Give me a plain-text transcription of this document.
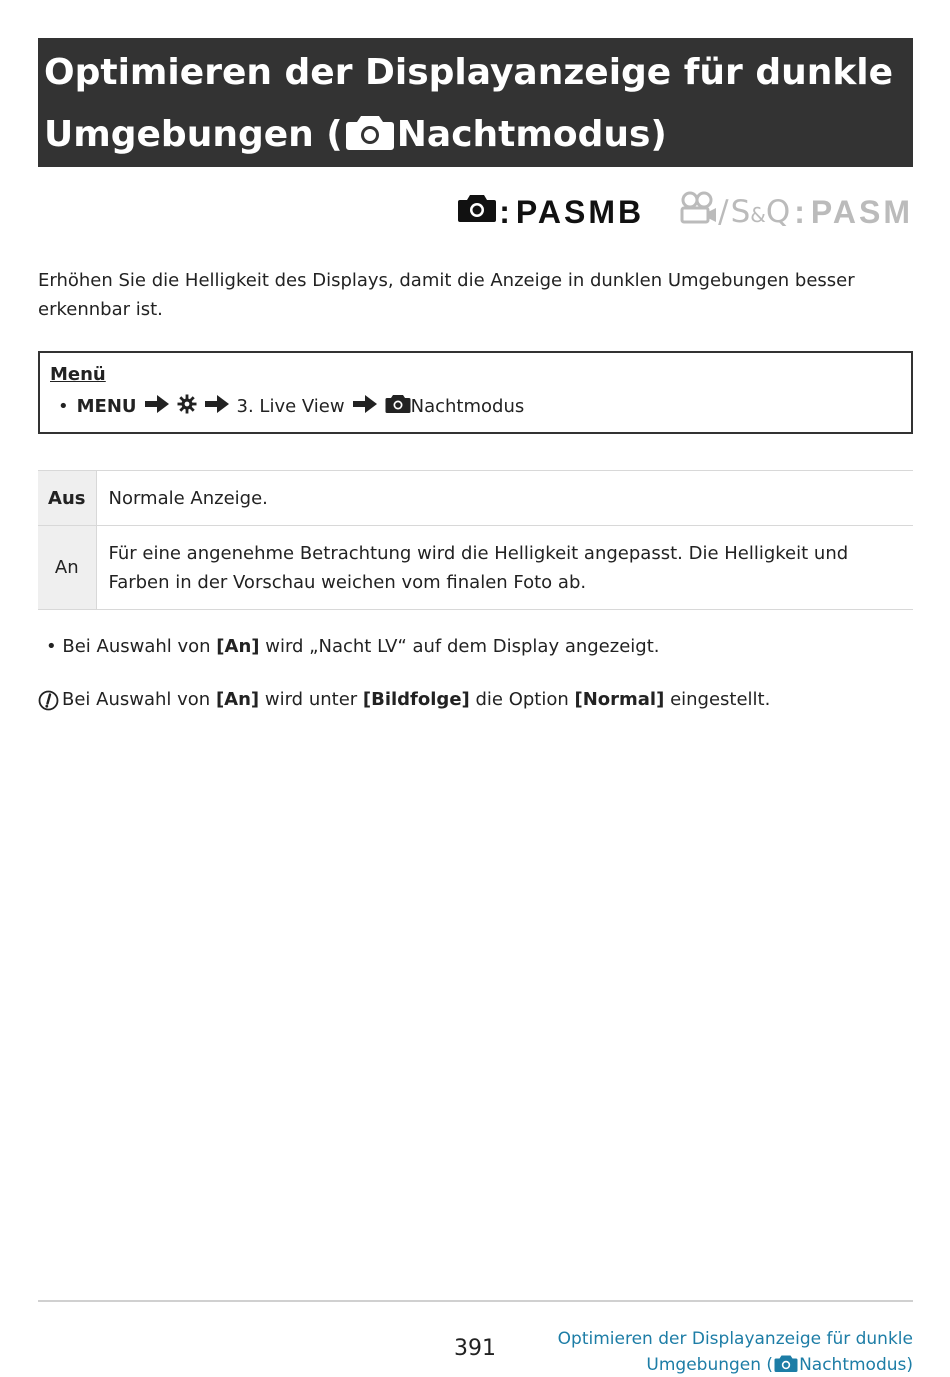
Optimieren der Displayanzeige für dunkle
Umgebungen ( Nachtmodus)
: PASMB / S&Q : PASM

Erhöhen Sie die Helligkeit des Displays, damit die Anzeige in dunklen Umgebungen besser erkennbar ist.

Menü
• MENU	3. Live View	Nachtmodus
Aus	Normale Anzeige.
An	Für eine angenehme Betrachtung wird die Helligkeit angepasst. Die Helligkeit und Farben in der Vorschau weichen vom finalen Foto ab.
• Bei Auswahl von [An] wird „Nacht LV“ auf dem Display angezeigt.
Bei Auswahl von [An] wird unter [Bildfolge] die Option [Normal] eingestellt.
391	Optimieren der Displayanzeige für dunkle
Umgebungen ( Nachtmodus)
